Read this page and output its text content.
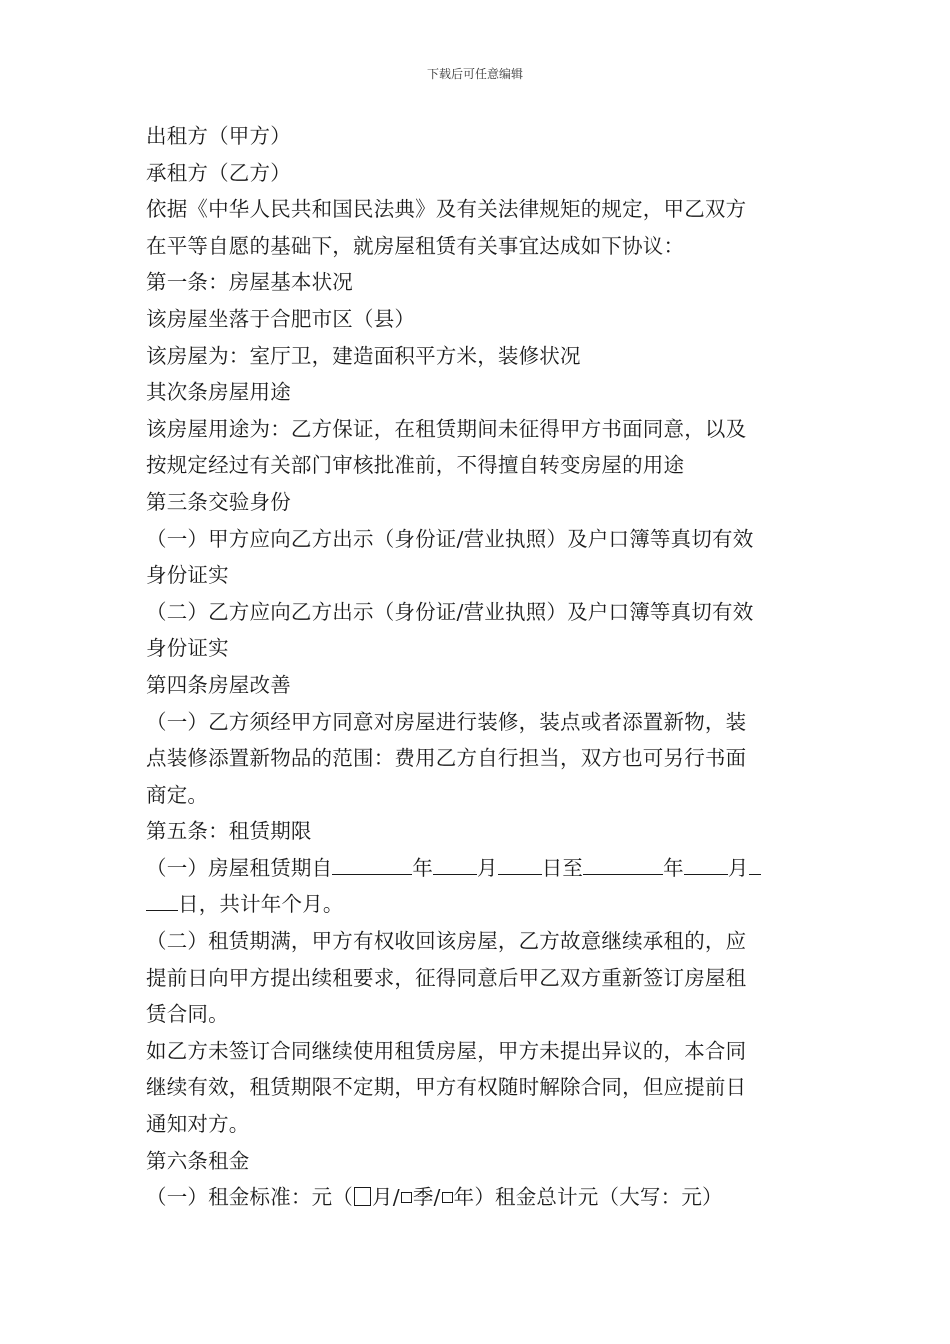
下载后可任意编辑
出租方（甲方）
承租方（乙方）
依据《中华人民共和国民法典》及有关法律规矩的规定，甲乙双方
在平等自愿的基础下，就房屋租赁有关事宜达成如下协议：
第一条：房屋基本状况
该房屋坐落于合肥市区（县）
该房屋为：室厅卫，建造面积平方米，装修状况
其次条房屋用途
该房屋用途为：乙方保证，在租赁期间未征得甲方书面同意，以及
按规定经过有关部门审核批准前，不得擅自转变房屋的用途
第三条交验身份
（一）甲方应向乙方出示（身份证/营业执照）及户口簿等真切有效
身份证实
（二）乙方应向乙方出示（身份证/营业执照）及户口簿等真切有效
身份证实
第四条房屋改善
（一）乙方须经甲方同意对房屋进行装修，装点或者添置新物，装
点装修添置新物品的范围：费用乙方自行担当，双方也可另行书面
商定。
第五条：租赁期限
（一）房屋租赁期自	年 月 日至	年 月
日，共计年个月。
（二）租赁期满，甲方有权收回该房屋，乙方故意继续承租的，应
提前日向甲方提出续租要求，征得同意后甲乙双方重新签订房屋租
赁合同。
如乙方未签订合同继续使用租赁房屋，甲方未提出异议的，本合同
继续有效，租赁期限不定期，甲方有权随时解除合同，但应提前日
通知对方。
第六条租金
（一）租金标准：元（ 月/ 季/ 年）租金总计元（大写：元）
